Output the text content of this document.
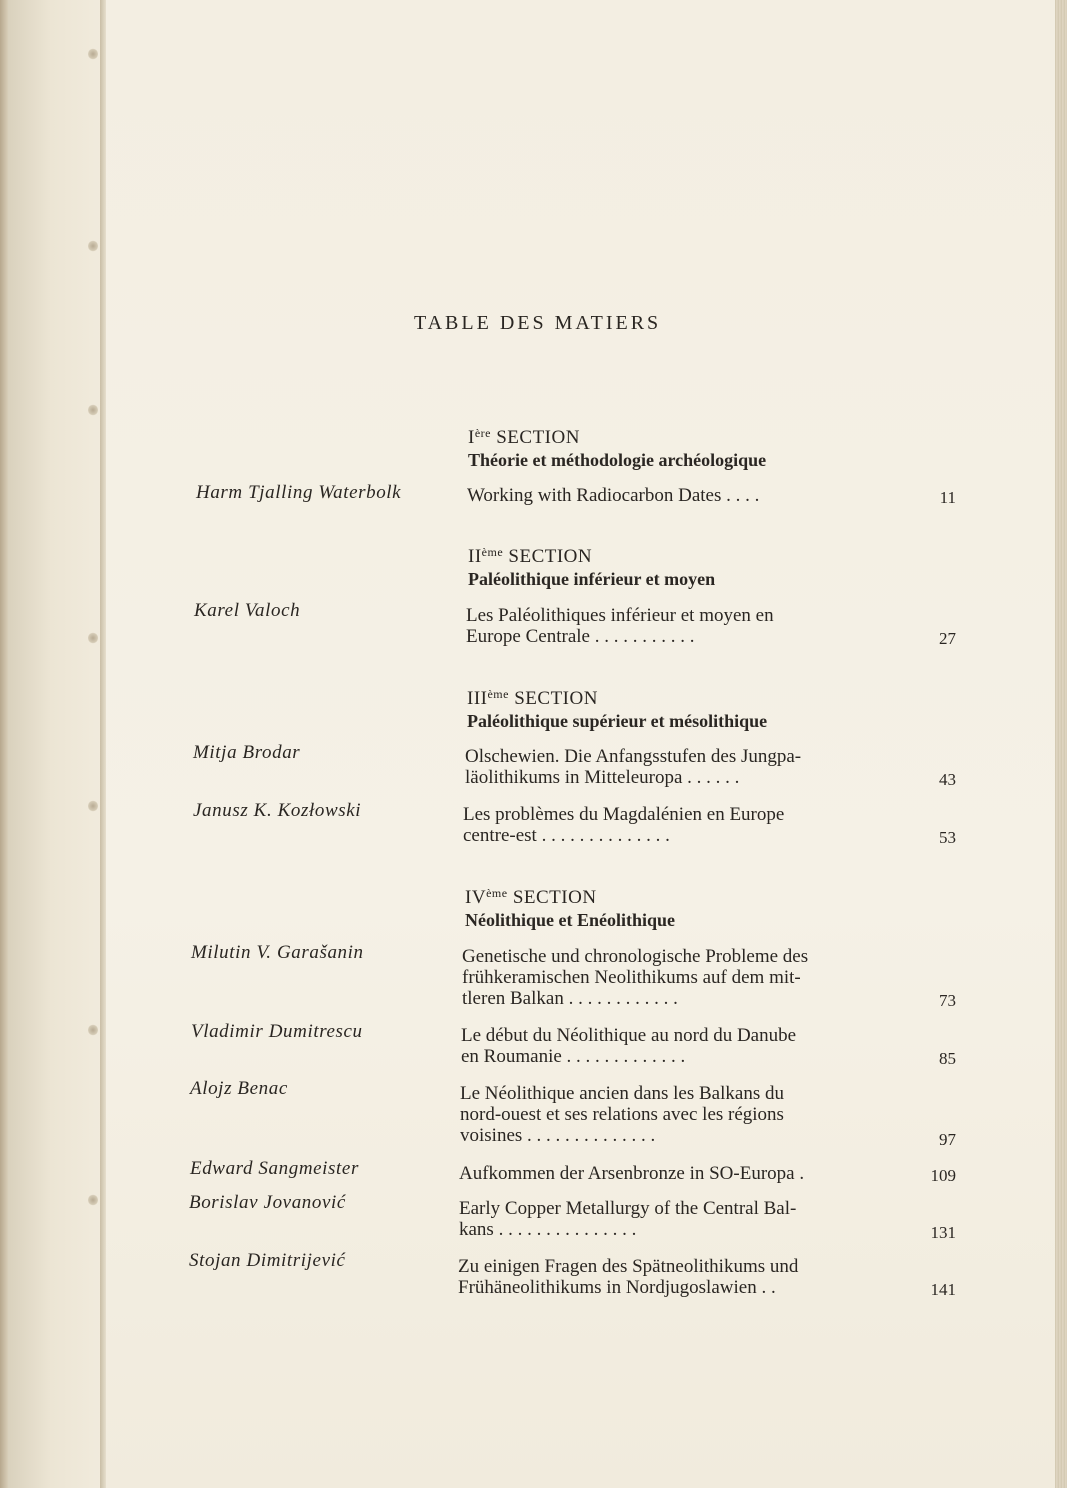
TABLE DES MATIERS
Ière SECTION
Théorie et méthodologie archéologique
Harm Tjalling Waterbolk	Working with Radiocarbon Dates . . . .	11
IIème SECTION
Paléolithique inférieur et moyen
Karel Valoch	Les Paléolithiques inférieur et moyen en
Europe Centrale . . . . . . . . . . .	27
IIIème SECTION
Paléolithique supérieur et mésolithique
Mitja Brodar	Olschewien. Die Anfangsstufen des Jungpa-
läolithikums in Mitteleuropa . . . . . .	43
Janusz K. Kozłowski	Les problèmes du Magdalénien en Europe
centre-est . . . . . . . . . . . . . .	53
IVème SECTION
Néolithique et Enéolithique
Milutin V. Garašanin	Genetische und chronologische Probleme des
frühkeramischen Neolithikums auf dem mit-
tleren Balkan . . . . . . . . . . . .	73
Vladimir Dumitrescu	Le début du Néolithique au nord du Danube
en Roumanie . . . . . . . . . . . . .	85
Alojz Benac	Le Néolithique ancien dans les Balkans du
nord-ouest et ses relations avec les régions
voisines . . . . . . . . . . . . . .	97
Edward Sangmeister	Aufkommen der Arsenbronze in SO-Europa .	109
Borislav Jovanović	Early Copper Metallurgy of the Central Bal-
kans . . . . . . . . . . . . . . .	131
Stojan Dimitrijević	Zu einigen Fragen des Spätneolithikums und
Frühäneolithikums in Nordjugoslawien . .	141
